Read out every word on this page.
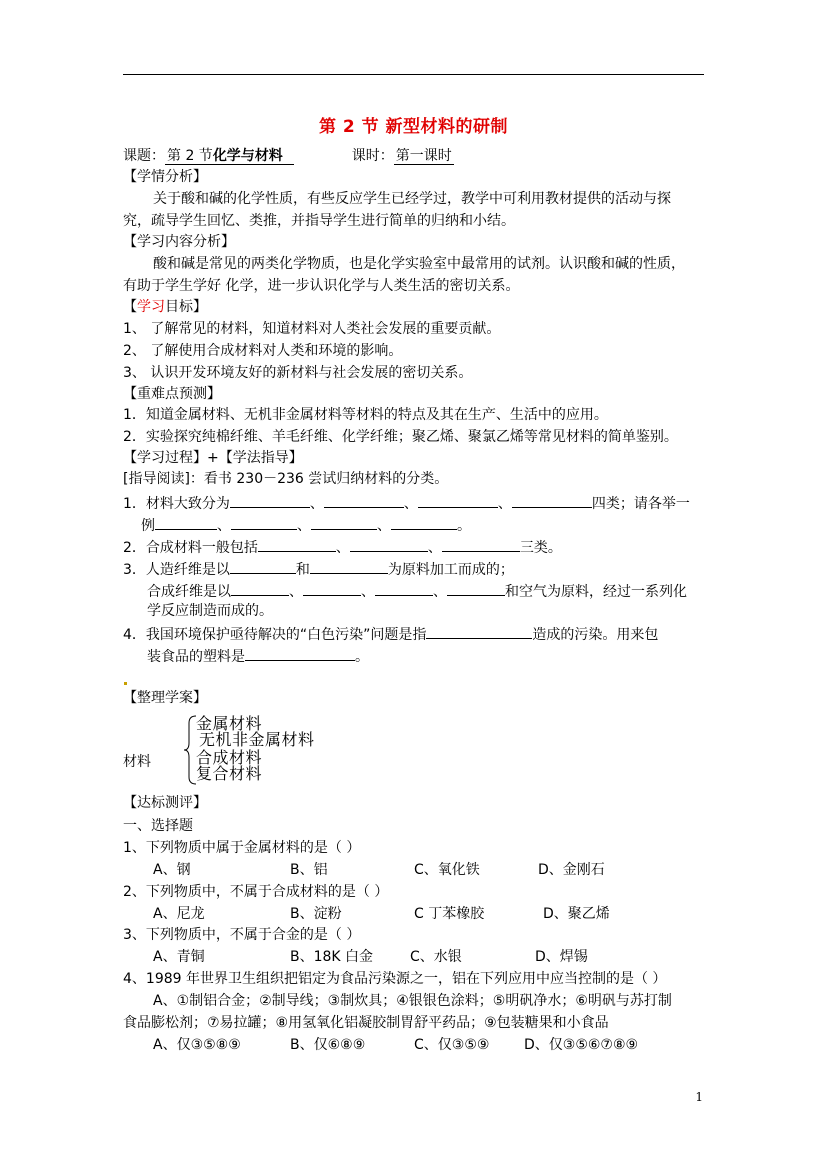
第 2 节 新型材料的研制
课题： 第 2 节化学与材料	课时： 第一课时
【学情分析】
关于酸和碱的化学性质，有些反应学生已经学过，教学中可利用教材提供的活动与探
究，疏导学生回忆、类推，并指导学生进行简单的归纳和小结。
【学习内容分析】
酸和碱是常见的两类化学物质，也是化学实验室中最常用的试剂。认识酸和碱的性质，
有助于学生学好 化学，进一步认识化学与人类生活的密切关系。
【学习目标】
1、 了解常见的材料，知道材料对人类社会发展的重要贡献。
2、 了解使用合成材料对人类和环境的影响。
3、 认识开发环境友好的新材料与社会发展的密切关系。
【重难点预测】
1．知道金属材料、无机非金属材料等材料的特点及其在生产、生活中的应用。
2．实验探究纯棉纤维、羊毛纤维、化学纤维；聚乙烯、聚氯乙烯等常见材料的简单鉴别。
【学习过程】+【学法指导】
[指导阅读]：看书 230－236 尝试归纳材料的分类。
1．材料大致分为	、	、	、	四类；请各举一
例	、	、	、	。
2．合成材料一般包括	、	、	三类。
3．人造纤维是以	和	为原料加工而成的；
合成纤维是以	、	、	、	和空气为原料，经过一系列化
学反应制造而成的。
4．我国环境保护亟待解决的“白色污染”问题是指	造成的污染。用来包
装食品的塑料是	。
【整理学案】
材料
金属材料
无机非金属材料
合成材料
复合材料
【达标测评】
一、选择题
1、下列物质中属于金属材料的是（ ）
A、钢	B、铝	C、氧化铁	D、金刚石
2、下列物质中，不属于合成材料的是（ ）
A、尼龙	B、淀粉	C 丁苯橡胶	D、聚乙烯
3、下列物质中，不属于合金的是（ ）
A、青铜	B、18K 白金	C、水银	D、焊锡
4、1989 年世界卫生组织把铝定为食品污染源之一，铝在下列应用中应当控制的是（ ）
A、①制铝合金；②制导线；③制炊具；④银银色涂料；⑤明矾净水；⑥明矾与苏打制
食品膨松剂；⑦易拉罐；⑧用氢氧化铝凝胶制胃舒平药品；⑨包装糖果和小食品
A、仅③⑤⑧⑨	B、仅⑥⑧⑨	C、仅③⑤⑨ D、仅③⑤⑥⑦⑧⑨
1
